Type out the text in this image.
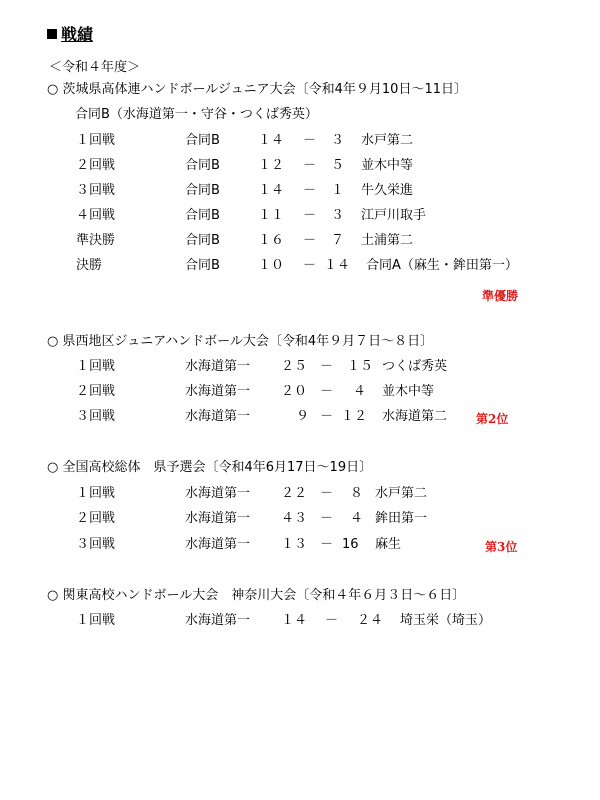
戦績
＜令和４年度＞
○ 茨城県高体連ハンドボールジュニア大会〔令和4年９月10日～11日〕
合同B（水海道第一・守谷・つくば秀英）
１回戦	合同B	１４ － ３ 水戸第二
２回戦	合同B	１２ － ５ 並木中等
３回戦	合同B	１４ － １ 牛久栄進
４回戦	合同B	１１ － ３ 江戸川取手
準決勝	合同B	１６ － ７ 土浦第二
決勝	合同B	１０ － １４ 合同A（麻生・鉾田第一）
準優勝
○ 県西地区ジュニアハンドボール大会〔令和4年９月７日～８日〕
１回戦	水海道第一 ２５ － １５ つくば秀英
２回戦	水海道第一 ２０ － ４ 並木中等
３回戦	水海道第一	９ － １２ 水海道第二 第2位
○ 全国高校総体　県予選会〔令和4年6月17日～19日〕
１回戦	水海道第一 ２２ － ８ 水戸第二
２回戦	水海道第一 ４３ － ４ 鉾田第一
３回戦	水海道第一 １３ － 16 麻生	第3位
○ 関東高校ハンドボール大会　神奈川大会〔令和４年６月３日～６日〕
１回戦	水海道第一 １４ － ２４ 埼玉栄（埼玉）
